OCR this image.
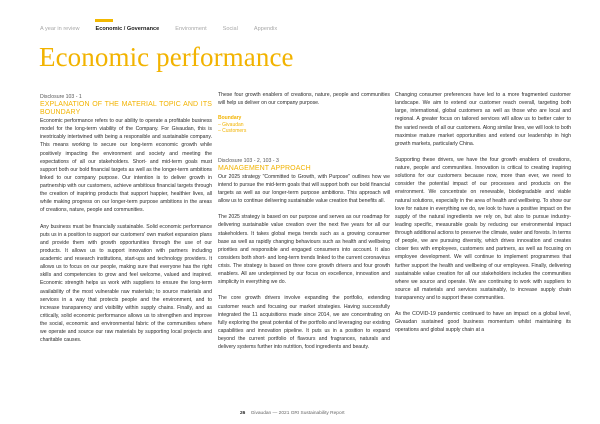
A year in review	Economic / Governance	Environment	Social	Appendix
Economic performance
Disclosure 103 - 1
EXPLANATION OF THE MATERIAL TOPIC AND ITS BOUNDARY

Economic performance refers to our ability to operate a profitable business model for the long-term viability of the Company. For Givaudan, this is inextricably intertwined with being a responsible and sustainable company. This means working to secure our long-term economic growth while positively impacting the environment and society and meeting the expectations of all our stakeholders. Short- and mid-term goals must support both our bold financial targets as well as the longer-term ambitions linked to our company purpose. Our intention is to deliver growth in partnership with our customers, achieve ambitious financial targets through the creation of inspiring products that support happier, healthier lives, all while making progress on our longer-term purpose ambitions in the areas of creations, nature, people and communities.

Any business must be financially sustainable. Solid economic performance puts us in a position to support our customers' own market expansion plans and provide them with growth opportunities through the use of our products. It allows us to support innovation with partners including academic and research institutions, start-ups and technology providers. It allows us to focus on our people, making sure that everyone has the right skills and competencies to grow and feel welcome, valued and inspired. Economic strength helps us work with suppliers to ensure the long-term availability of the most vulnerable raw materials; to source materials and services in a way that protects people and the environment, and to increase transparency and visibility within supply chains. Finally, and as critically, solid economic performance allows us to strengthen and improve the social, economic and environmental fabric of the communities where we operate and source our raw materials by supporting local projects and charitable causes.

These four growth enablers of creations, nature, people and communities will help us deliver on our company purpose.

Boundary
– Givaudan
– Customers
Disclosure 103 - 2, 103 - 3
MANAGEMENT APPROACH

Our 2025 strategy "Committed to Growth, with Purpose" outlines how we intend to pursue the mid-term goals that will support both our bold financial targets as well as our longer-term purpose ambitions. This approach will allow us to continue delivering sustainable value creation that benefits all.

The 2025 strategy is based on our purpose and serves as our roadmap for delivering sustainable value creation over the next five years for all our stakeholders. It takes global mega trends such as a growing consumer base as well as rapidly changing behaviours such as health and wellbeing priorities and responsible and engaged consumers into account. It also considers both short- and long-term trends linked to the current coronavirus crisis. The strategy is based on three core growth drivers and four growth enablers. All are underpinned by our focus on excellence, innovation and simplicity in everything we do.

The core growth drivers involve expanding the portfolio, extending customer reach and focusing our market strategies. Having successfully integrated the 11 acquisitions made since 2014, we are concentrating on fully exploring the great potential of the portfolio and leveraging our existing capabilities and innovation pipeline. It puts us in a position to expand beyond the current portfolio of flavours and fragrances, naturals and delivery systems further into nutrition, food ingredients and beauty.

Changing consumer preferences have led to a more fragmented customer landscape. We aim to extend our customer reach overall, targeting both large, international, global customers as well as those who are local and regional. A greater focus on tailored services will allow us to better cater to the varied needs of all our customers. Along similar lines, we will look to both maximise mature market opportunities and extend our leadership in high growth markets, particularly China.

Supporting these drivers, we have the four growth enablers of creations, nature, people and communities. Innovation is critical to creating inspiring solutions for our customers because now, more than ever, we need to consider the potential impact of our processes and products on the environment. We concentrate on renewable, biodegradable and viable natural solutions, especially in the area of health and wellbeing. To show our love for nature in everything we do, we look to have a positive impact on the supply of the natural ingredients we rely on, but also to pursue industry-leading specific, measurable goals by reducing our environmental impact through additional actions to preserve the climate, water and forests. In terms of people, we are pursuing diversity, which drives innovation and creates closer ties with employees, customers and partners, as well as focusing on employee development. We will continue to implement programmes that further support the health and wellbeing of our employees. Finally, delivering sustainable value creation for all our stakeholders includes the communities where we source and operate. We are continuing to work with suppliers to source all materials and services sustainably, to increase supply chain transparency and to support these communities.

As the COVID-19 pandemic continued to have an impact on a global level, Givaudan sustained good business momentum whilst maintaining its operations and global supply chain at a

26 Givaudan — 2021 GRI Sustainability Report
